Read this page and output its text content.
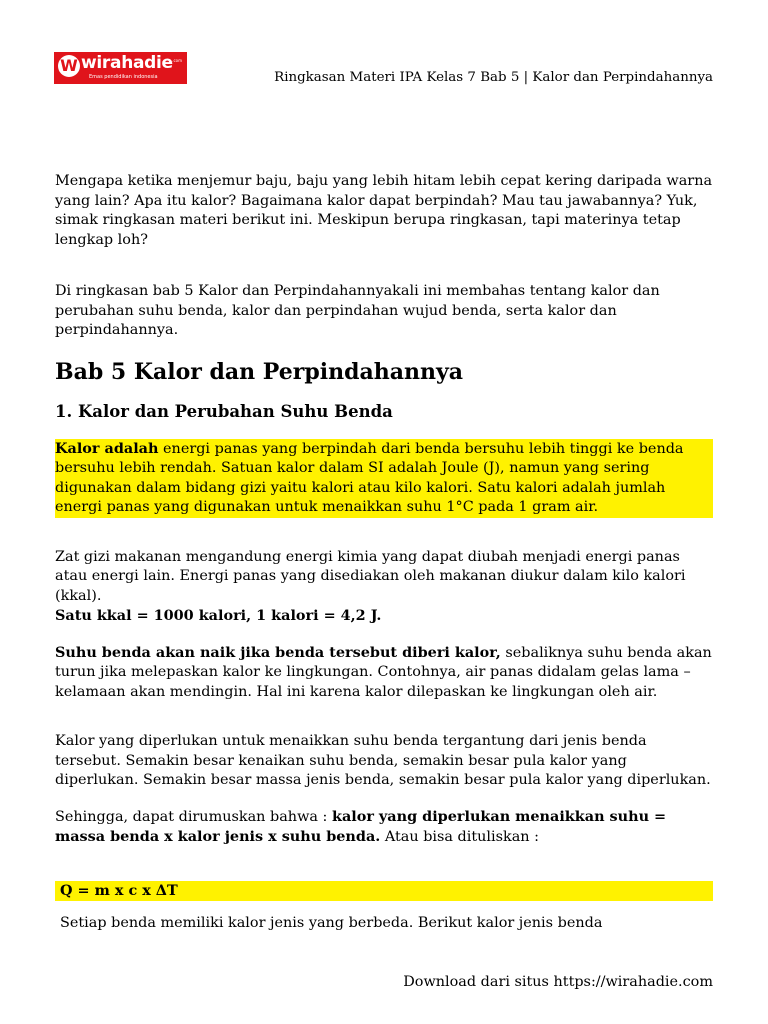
W wirahadie .com
Emas pendidikan indonesia	Ringkasan Materi IPA Kelas 7 Bab 5 | Kalor dan Perpindahannya

Mengapa ketika menjemur baju, baju yang lebih hitam lebih cepat kering daripada warna yang lain? Apa itu kalor? Bagaimana kalor dapat berpindah? Mau tau jawabannya? Yuk, simak ringkasan materi berikut ini. Meskipun berupa ringkasan, tapi materinya tetap lengkap loh?

Di ringkasan bab 5 Kalor dan Perpindahannyakali ini membahas tentang kalor dan perubahan suhu benda, kalor dan perpindahan wujud benda, serta kalor dan perpindahannya.

Bab 5 Kalor dan Perpindahannya
1. Kalor dan Perubahan Suhu Benda

Kalor adalah energi panas yang berpindah dari benda bersuhu lebih tinggi ke benda bersuhu lebih rendah. Satuan kalor dalam SI adalah Joule (J), namun yang sering digunakan dalam bidang gizi yaitu kalori atau kilo kalori. Satu kalori adalah jumlah energi panas yang digunakan untuk menaikkan suhu 1°C pada 1 gram air.

Zat gizi makanan mengandung energi kimia yang dapat diubah menjadi energi panas atau energi lain. Energi panas yang disediakan oleh makanan diukur dalam kilo kalori (kkal).
Satu kkal = 1000 kalori, 1 kalori = 4,2 J.

Suhu benda akan naik jika benda tersebut diberi kalor, sebaliknya suhu benda akan turun jika melepaskan kalor ke lingkungan. Contohnya, air panas didalam gelas lama – kelamaan akan mendingin. Hal ini karena kalor dilepaskan ke lingkungan oleh air.

Kalor yang diperlukan untuk menaikkan suhu benda tergantung dari jenis benda tersebut. Semakin besar kenaikan suhu benda, semakin besar pula kalor yang diperlukan. Semakin besar massa jenis benda, semakin besar pula kalor yang diperlukan.

Sehingga, dapat dirumuskan bahwa : kalor yang diperlukan menaikkan suhu = massa benda x kalor jenis x suhu benda. Atau bisa dituliskan :

Q = m x c x ΔT

Setiap benda memiliki kalor jenis yang berbeda. Berikut kalor jenis benda

Download dari situs https://wirahadie.com
